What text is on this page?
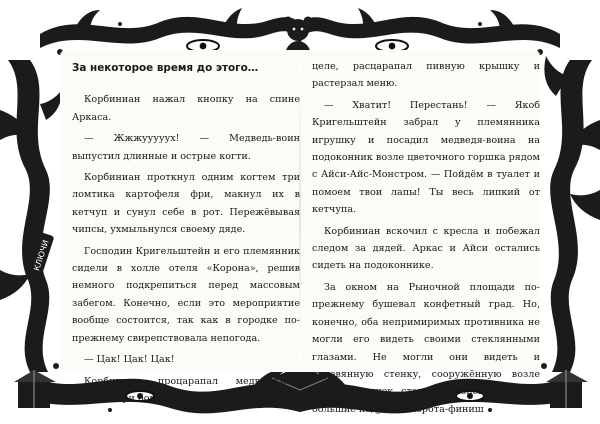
КЛЮЧИ
За некоторое время до этого…

Корбиниан нажал кнопку на спине Аркаса.

— Жжжууууух! — Медведь-воин выпустил длинные и острые когти.

Корбиниан проткнул одним когтем три ломтика картофеля фри, макнул их в кетчуп и сунул себе в рот. Пережёвывая чипсы, ухмыльнулся своему дяде.

Господин Кригельштейн и его племянник сидели в холле отеля «Корона», решив немного подкрепиться перед массовым забегом. Конечно, если это мероприятие вообще состоится, так как в городке по-прежнему свирепствовала непогода.

— Цак! Цак! Цак!

Корбиниан процарапал медвежьими когтями три борозды на дядином шни-

целе, расцарапал пивную крышку и растерзал меню.

— Хватит! Перестань! — Якоб Кригельштейн забрал у племянника игрушку и посадил медведя-воина на подоконник возле цветочного горшка рядом с Айси-Айс-Монстром. — Пойдём в туалет и помоем твои лапы! Ты весь липкий от кетчупа.

Корбиниан вскочил с кресла и побежал следом за дядей. Аркас и Айси остались сидеть на подоконнике.

За окном на Рыночной площади по-прежнему бушевал конфетный град. Но, конечно, оба непримиримых противника не могли его видеть своими стеклянными глазами. Не могли они видеть и деревянную стенку, сооружённую возле лавки игрушек старого Зибценрюбеля, и большие надувные ворота-финиш
